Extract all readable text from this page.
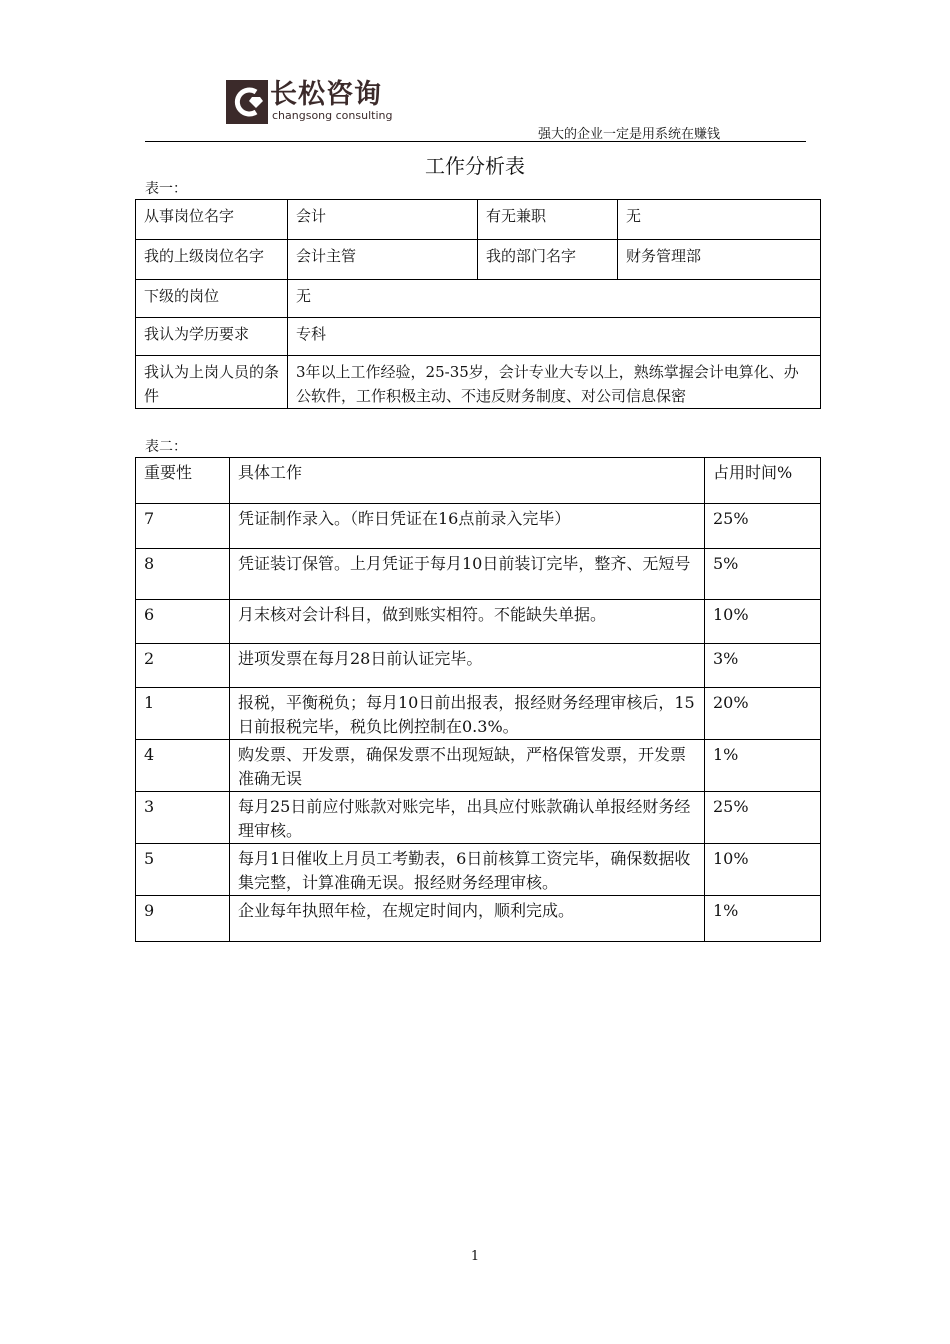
长松咨询
changsong consulting
强大的企业一定是用系统在赚钱
工作分析表
表一：
从事岗位名字	会计	有无兼职	无
我的上级岗位名字	会计主管	我的部门名字	财务管理部
下级的岗位	无		
我认为学历要求	专科		
我认为上岗人员的条件	3年以上工作经验，25-35岁，会计专业大专以上，熟练掌握会计电算化、办公软件，工作积极主动、不违反财务制度、对公司信息保密		
表二：
重要性	具体工作	占用时间%
7	凭证制作录入。（昨日凭证在16点前录入完毕）	25%
8	凭证装订保管。上月凭证于每月10日前装订完毕，整齐、无短号	5%
6	月末核对会计科目，做到账实相符。不能缺失单据。	10%
2	进项发票在每月28日前认证完毕。	3%
1	报税，平衡税负；每月10日前出报表，报经财务经理审核后，15日前报税完毕，税负比例控制在0.3%。	20%
4	购发票、开发票，确保发票不出现短缺，严格保管发票，开发票准确无误	1%
3	每月25日前应付账款对账完毕，出具应付账款确认单报经财务经理审核。	25%
5	每月1日催收上月员工考勤表，6日前核算工资完毕，确保数据收集完整，计算准确无误。报经财务经理审核。	10%
9	企业每年执照年检，在规定时间内，顺利完成。	1%
1
